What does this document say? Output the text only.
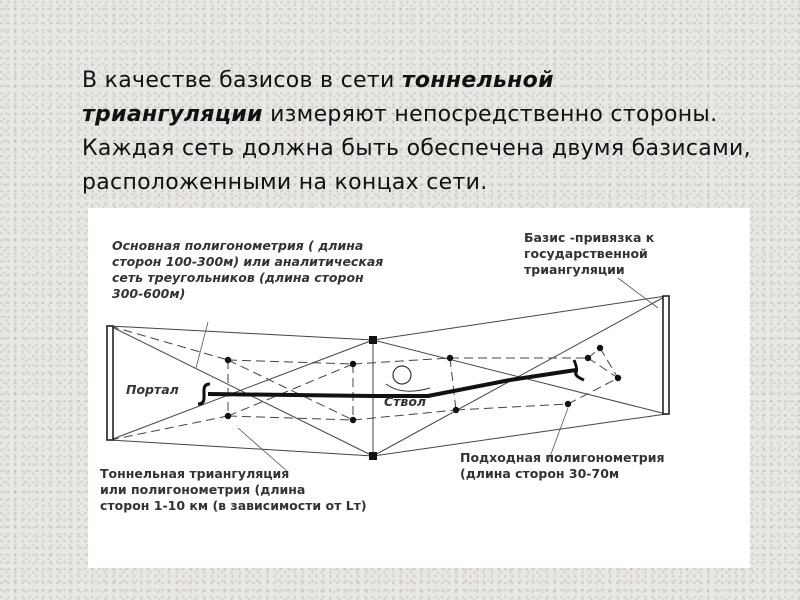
В качестве базисов в сети тоннельной
триангуляции измеряют непосредственно стороны. Каждая сеть должна быть обеспечена двумя базисами, расположенными на концах сети.
Основная полигонометрия ( длина
сторон 100-300м) или аналитическая
сеть треугольников (длина сторон
300-600м)
Базис -привязка к
государственной
триангуляции
Портал
Ствол
Тоннельная триангуляция
или полигонометрия (длина
сторон 1-10 км (в зависимости от Lт)
Подходная полигонометрия
(длина сторон 30-70м
